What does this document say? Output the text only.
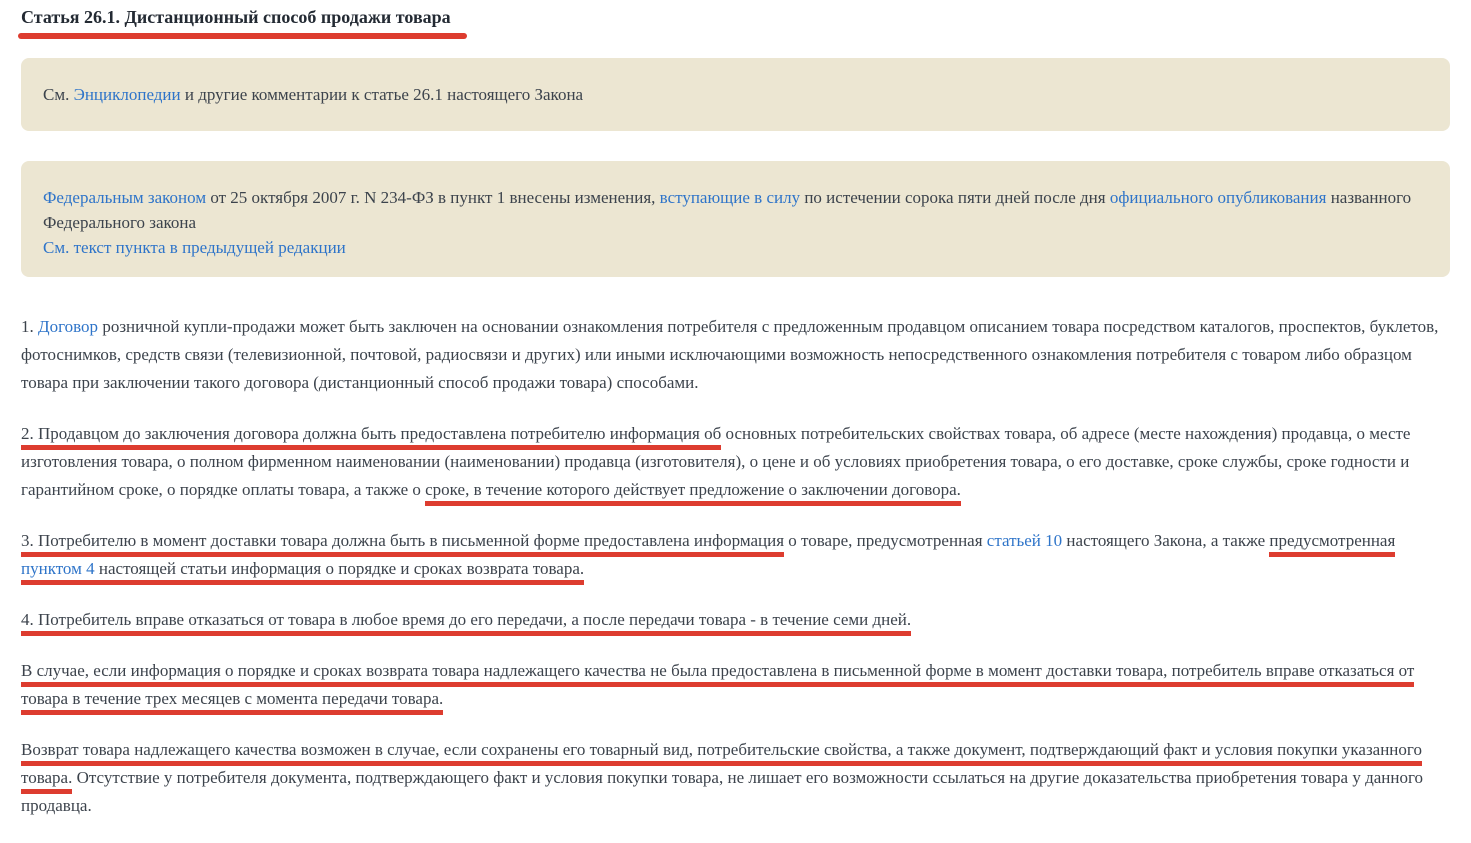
Статья 26.1. Дистанционный способ продажи товара
См. Энциклопедии и другие комментарии к статье 26.1 настоящего Закона
Федеральным законом от 25 октября 2007 г. N 234-ФЗ в пункт 1 внесены изменения, вступающие в силу по истечении сорока пяти дней после дня официального опубликования названного Федерального закона
См. текст пункта в предыдущей редакции

1. Договор розничной купли-продажи может быть заключен на основании ознакомления потребителя с предложенным продавцом описанием товара посредством каталогов, проспектов, буклетов, фотоснимков, средств связи (телевизионной, почтовой, радиосвязи и других) или иными исключающими возможность непосредственного ознакомления потребителя с товаром либо образцом товара при заключении такого договора (дистанционный способ продажи товара) способами.

2. Продавцом до заключения договора должна быть предоставлена потребителю информация об основных потребительских свойствах товара, об адресе (месте нахождения) продавца, о месте изготовления товара, о полном фирменном наименовании (наименовании) продавца (изготовителя), о цене и об условиях приобретения товара, о его доставке, сроке службы, сроке годности и гарантийном сроке, о порядке оплаты товара, а также о сроке, в течение которого действует предложение о заключении договора.

3. Потребителю в момент доставки товара должна быть в письменной форме предоставлена информация о товаре, предусмотренная статьей 10 настоящего Закона, а также предусмотренная пунктом 4 настоящей статьи информация о порядке и сроках возврата товара.

4. Потребитель вправе отказаться от товара в любое время до его передачи, а после передачи товара - в течение семи дней.

В случае, если информация о порядке и сроках возврата товара надлежащего качества не была предоставлена в письменной форме в момент доставки товара, потребитель вправе отказаться от товара в течение трех месяцев с момента передачи товара.

Возврат товара надлежащего качества возможен в случае, если сохранены его товарный вид, потребительские свойства, а также документ, подтверждающий факт и условия покупки указанного товара. Отсутствие у потребителя документа, подтверждающего факт и условия покупки товара, не лишает его возможности ссылаться на другие доказательства приобретения товара у данного продавца.
